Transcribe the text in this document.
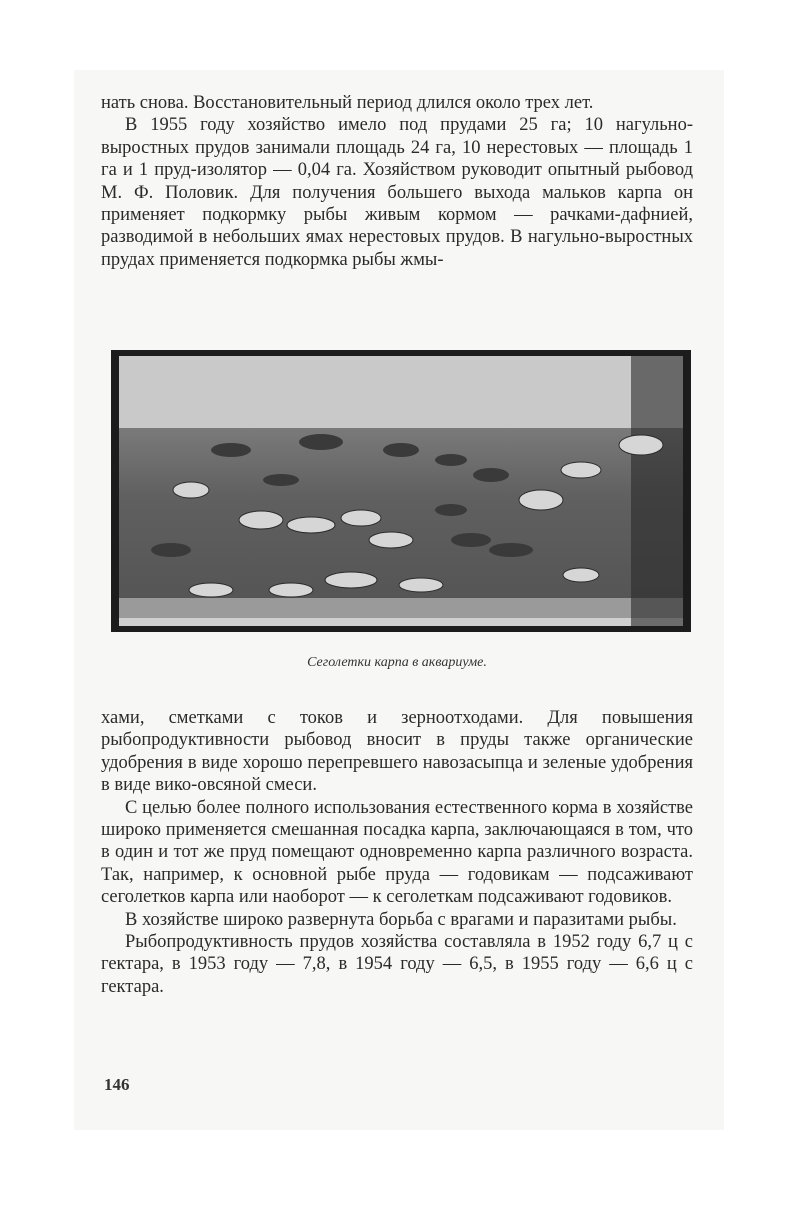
нать снова. Восстановительный период длился около трех лет.

В 1955 году хозяйство имело под прудами 25 га; 10 нагульно-выростных прудов занимали площадь 24 га, 10 нерестовых — площадь 1 га и 1 пруд-изолятор — 0,04 га. Хозяйством руководит опытный рыбовод М. Ф. Половик. Для получения большего выхода мальков карпа он применяет подкормку рыбы живым кормом — рачками-дафнией, разводимой в небольших ямах нерестовых прудов. В нагульно-выростных прудах применяется подкормка рыбы жмы-

Сеголетки карпа в аквариуме.

хами, сметками с токов и зерноотходами. Для повышения рыбопродуктивности рыбовод вносит в пруды также органические удобрения в виде хорошо перепревшего навозасыпца и зеленые удобрения в виде вико-овсяной смеси.

С целью более полного использования естественного корма в хозяйстве широко применяется смешанная посадка карпа, заключающаяся в том, что в один и тот же пруд помещают одновременно карпа различного возраста. Так, например, к основной рыбе пруда — годовикам — подсаживают сеголетков карпа или наоборот — к сеголеткам подсаживают годовиков.

В хозяйстве широко развернута борьба с врагами и паразитами рыбы.

Рыбопродуктивность прудов хозяйства составляла в 1952 году 6,7 ц с гектара, в 1953 году — 7,8, в 1954 году — 6,5, в 1955 году — 6,6 ц с гектара.

146
